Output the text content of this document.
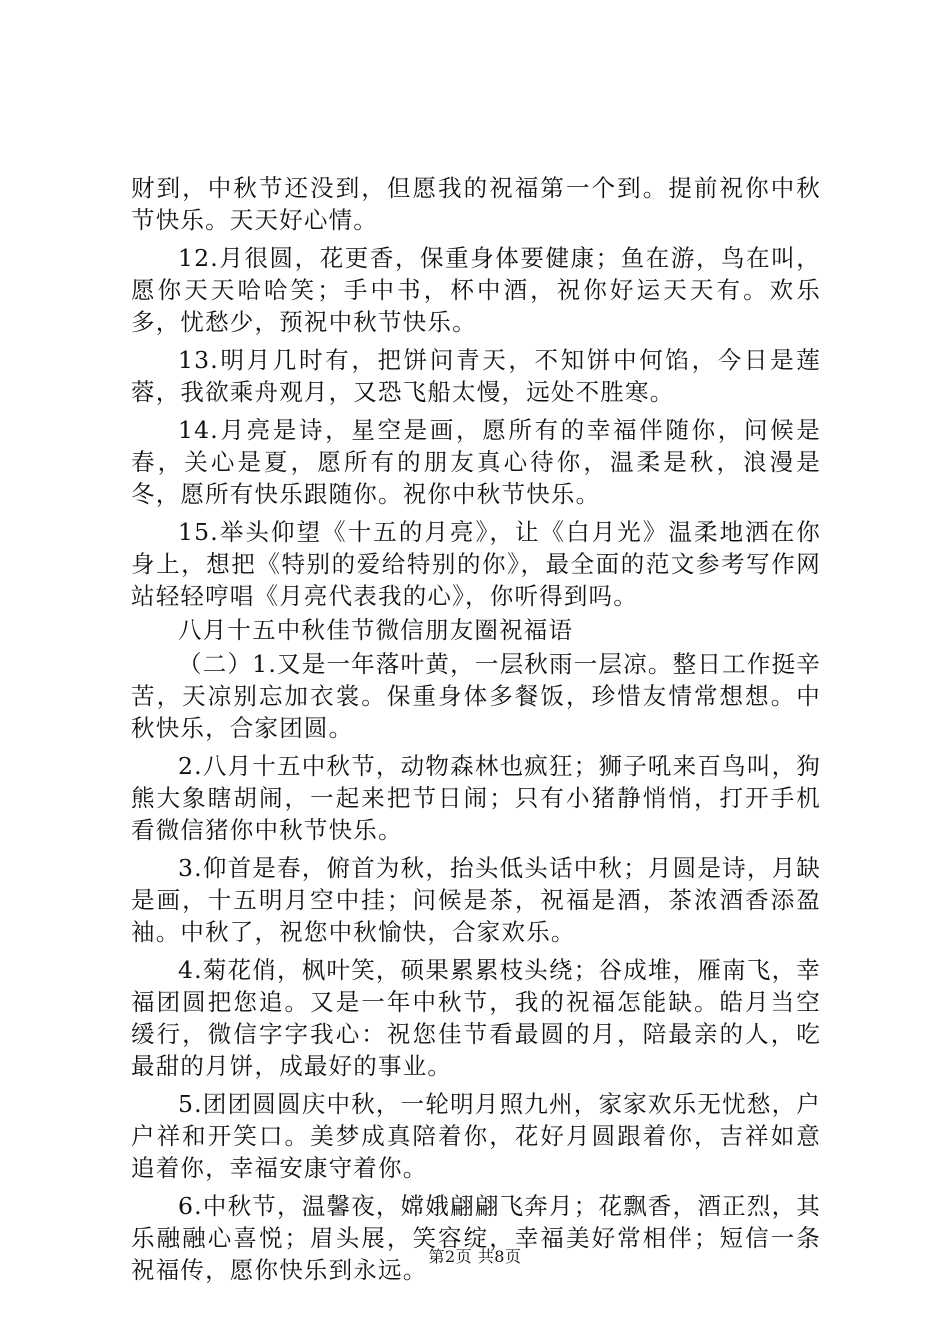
财到，中秋节还没到，但愿我的祝福第一个到。提前祝你中秋节快乐。天天好心情。

12.月很圆，花更香，保重身体要健康；鱼在游，鸟在叫，愿你天天哈哈笑；手中书，杯中酒，祝你好运天天有。欢乐多，忧愁少，预祝中秋节快乐。

13.明月几时有，把饼问青天，不知饼中何馅，今日是莲蓉，我欲乘舟观月，又恐飞船太慢，远处不胜寒。

14.月亮是诗，星空是画，愿所有的幸福伴随你，问候是春，关心是夏，愿所有的朋友真心待你，温柔是秋，浪漫是冬，愿所有快乐跟随你。祝你中秋节快乐。

15.举头仰望《十五的月亮》，让《白月光》温柔地洒在你身上，想把《特别的爱给特别的你》，最全面的范文参考写作网站轻轻哼唱《月亮代表我的心》，你听得到吗。

八月十五中秋佳节微信朋友圈祝福语

（二）1.又是一年落叶黄，一层秋雨一层凉。整日工作挺辛苦，天凉别忘加衣裳。保重身体多餐饭，珍惜友情常想想。中秋快乐，合家团圆。

2.八月十五中秋节，动物森林也疯狂；狮子吼来百鸟叫，狗熊大象瞎胡闹，一起来把节日闹；只有小猪静悄悄，打开手机看微信猪你中秋节快乐。

3.仰首是春，俯首为秋，抬头低头话中秋；月圆是诗，月缺是画，十五明月空中挂；问候是茶，祝福是酒，茶浓酒香添盈袖。中秋了，祝您中秋愉快，合家欢乐。

4.菊花俏，枫叶笑，硕果累累枝头绕；谷成堆，雁南飞，幸福团圆把您追。又是一年中秋节，我的祝福怎能缺。皓月当空缓行，微信字字我心：祝您佳节看最圆的月，陪最亲的人，吃最甜的月饼，成最好的事业。

5.团团圆圆庆中秋，一轮明月照九州，家家欢乐无忧愁，户户祥和开笑口。美梦成真陪着你，花好月圆跟着你，吉祥如意追着你，幸福安康守着你。

6.中秋节，温馨夜，嫦娥翩翩飞奔月；花飘香，酒正烈，其乐融融心喜悦；眉头展，笑容绽，幸福美好常相伴；短信一条祝福传，愿你快乐到永远。 第2页 共8页
